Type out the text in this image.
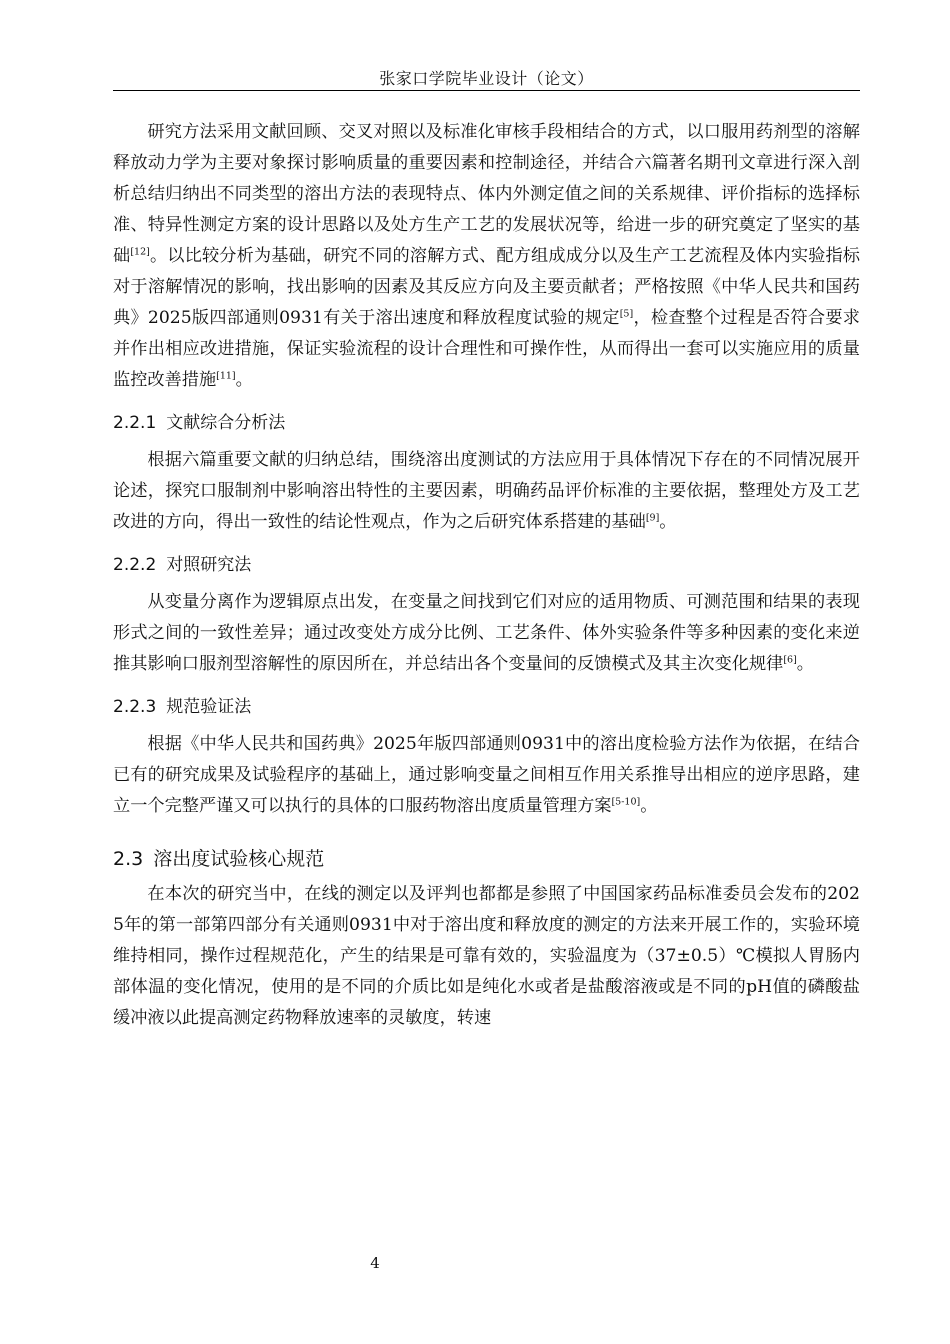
张家口学院毕业设计（论文）

研究方法采用文献回顾、交叉对照以及标准化审核手段相结合的方式，以口服用药剂型的溶解释放动力学为主要对象探讨影响质量的重要因素和控制途径，并结合六篇著名期刊文章进行深入剖析总结归纳出不同类型的溶出方法的表现特点、体内外测定值之间的关系规律、评价指标的选择标准、特异性测定方案的设计思路以及处方生产工艺的发展状况等，给进一步的研究奠定了坚实的基础[12]。以比较分析为基础，研究不同的溶解方式、配方组成成分以及生产工艺流程及体内实验指标对于溶解情况的影响，找出影响的因素及其反应方向及主要贡献者；严格按照《中华人民共和国药典》2025版四部通则0931有关于溶出速度和释放程度试验的规定[5]，检查整个过程是否符合要求并作出相应改进措施，保证实验流程的设计合理性和可操作性，从而得出一套可以实施应用的质量监控改善措施[11]。

2.2.1 文献综合分析法

根据六篇重要文献的归纳总结，围绕溶出度测试的方法应用于具体情况下存在的不同情况展开论述，探究口服制剂中影响溶出特性的主要因素，明确药品评价标准的主要依据，整理处方及工艺改进的方向，得出一致性的结论性观点，作为之后研究体系搭建的基础[9]。

2.2.2 对照研究法

从变量分离作为逻辑原点出发，在变量之间找到它们对应的适用物质、可测范围和结果的表现形式之间的一致性差异；通过改变处方成分比例、工艺条件、体外实验条件等多种因素的变化来逆推其影响口服剂型溶解性的原因所在，并总结出各个变量间的反馈模式及其主次变化规律[6]。

2.2.3 规范验证法

根据《中华人民共和国药典》2025年版四部通则0931中的溶出度检验方法作为依据，在结合已有的研究成果及试验程序的基础上，通过影响变量之间相互作用关系推导出相应的逆序思路，建立一个完整严谨又可以执行的具体的口服药物溶出度质量管理方案[5-10]。

2.3 溶出度试验核心规范

在本次的研究当中，在线的测定以及评判也都都是参照了中国国家药品标准委员会发布的2025年的第一部第四部分有关通则0931中对于溶出度和释放度的测定的方法来开展工作的，实验环境维持相同，操作过程规范化，产生的结果是可靠有效的，实验温度为（37±0.5）℃模拟人胃肠内部体温的变化情况，使用的是不同的介质比如是纯化水或者是盐酸溶液或是不同的pH值的磷酸盐缓冲液以此提高测定药物释放速率的灵敏度，转速

4
